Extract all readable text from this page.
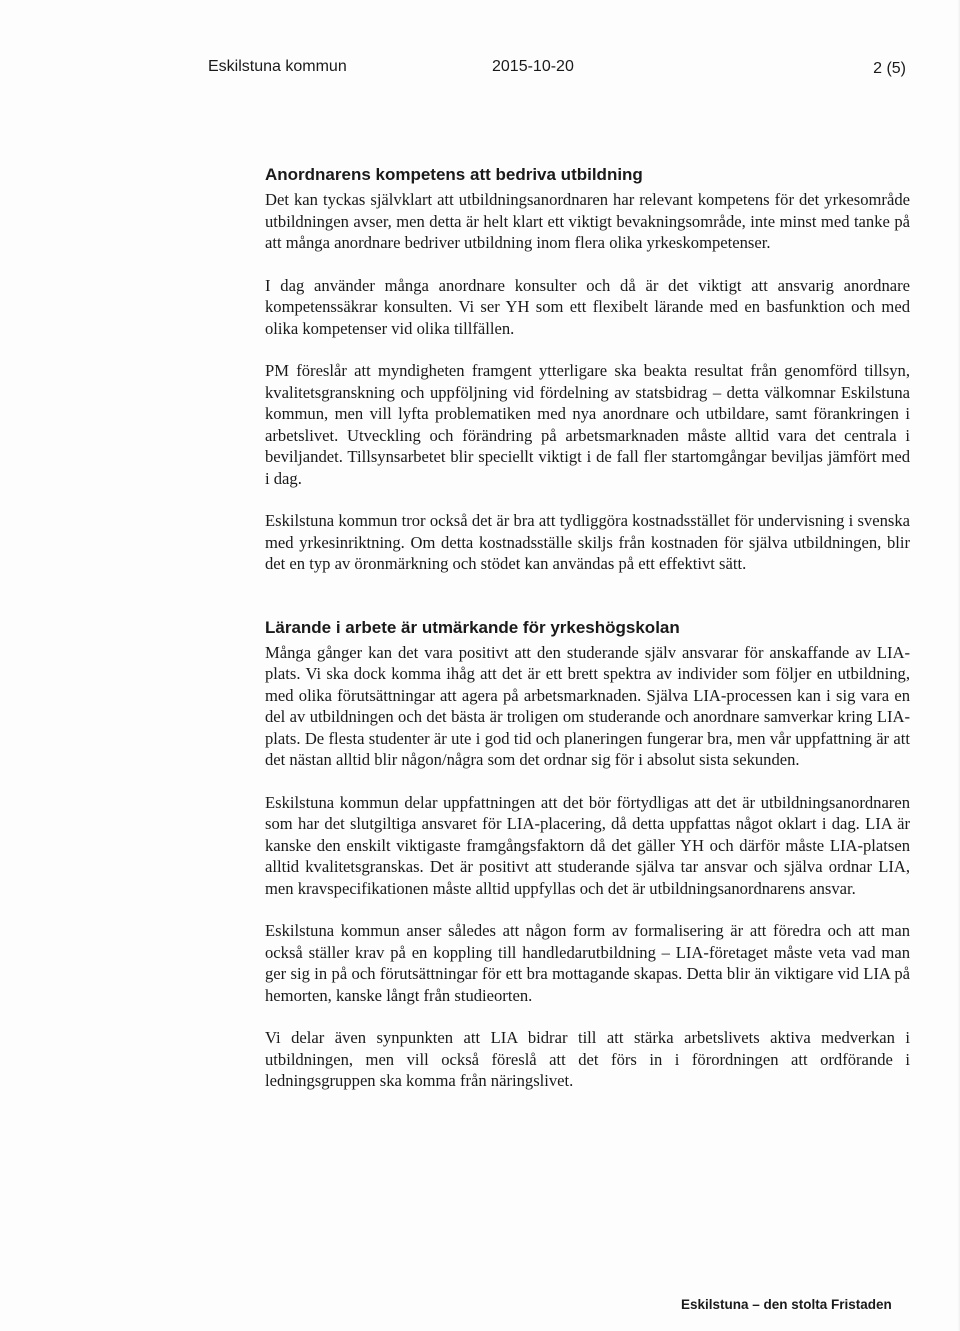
Eskilstuna kommun	2015-10-20	2 (5)
Anordnarens kompetens att bedriva utbildning

Det kan tyckas självklart att utbildningsanordnaren har relevant kompetens för det yrkesområde utbildningen avser, men detta är helt klart ett viktigt bevakningsområde, inte minst med tanke på att många anordnare bedriver utbildning inom flera olika yrkeskompetenser.

I dag använder många anordnare konsulter och då är det viktigt att ansvarig anordnare kompetenssäkrar konsulten. Vi ser YH som ett flexibelt lärande med en basfunktion och med olika kompetenser vid olika tillfällen.

PM föreslår att myndigheten framgent ytterligare ska beakta resultat från genomförd tillsyn, kvalitetsgranskning och uppföljning vid fördelning av statsbidrag – detta välkomnar Eskilstuna kommun, men vill lyfta problematiken med nya anordnare och utbildare, samt förankringen i arbetslivet. Utveckling och förändring på arbetsmarknaden måste alltid vara det centrala i beviljandet. Tillsynsarbetet blir speciellt viktigt i de fall fler startomgångar beviljas jämfört med i dag.

Eskilstuna kommun tror också det är bra att tydliggöra kostnadsstället för undervisning i svenska med yrkesinriktning. Om detta kostnadsställe skiljs från kostnaden för själva utbildningen, blir det en typ av öronmärkning och stödet kan användas på ett effektivt sätt.

Lärande i arbete är utmärkande för yrkeshögskolan

Många gånger kan det vara positivt att den studerande själv ansvarar för anskaffande av LIA-plats. Vi ska dock komma ihåg att det är ett brett spektra av individer som följer en utbildning, med olika förutsättningar att agera på arbetsmarknaden. Själva LIA-processen kan i sig vara en del av utbildningen och det bästa är troligen om studerande och anordnare samverkar kring LIA-plats. De flesta studenter är ute i god tid och planeringen fungerar bra, men vår uppfattning är att det nästan alltid blir någon/några som det ordnar sig för i absolut sista sekunden.

Eskilstuna kommun delar uppfattningen att det bör förtydligas att det är utbildningsanordnaren som har det slutgiltiga ansvaret för LIA-placering, då detta uppfattas något oklart i dag. LIA är kanske den enskilt viktigaste framgångsfaktorn då det gäller YH och därför måste LIA-platsen alltid kvalitetsgranskas. Det är positivt att studerande själva tar ansvar och själva ordnar LIA, men kravspecifikationen måste alltid uppfyllas och det är utbildningsanordnarens ansvar.

Eskilstuna kommun anser således att någon form av formalisering är att föredra och att man också ställer krav på en koppling till handledarutbildning – LIA-företaget måste veta vad man ger sig in på och förutsättningar för ett bra mottagande skapas. Detta blir än viktigare vid LIA på hemorten, kanske långt från studieorten.

Vi delar även synpunkten att LIA bidrar till att stärka arbetslivets aktiva medverkan i utbildningen, men vill också föreslå att det förs in i förordningen att ordförande i ledningsgruppen ska komma från näringslivet.

Eskilstuna – den stolta Fristaden
